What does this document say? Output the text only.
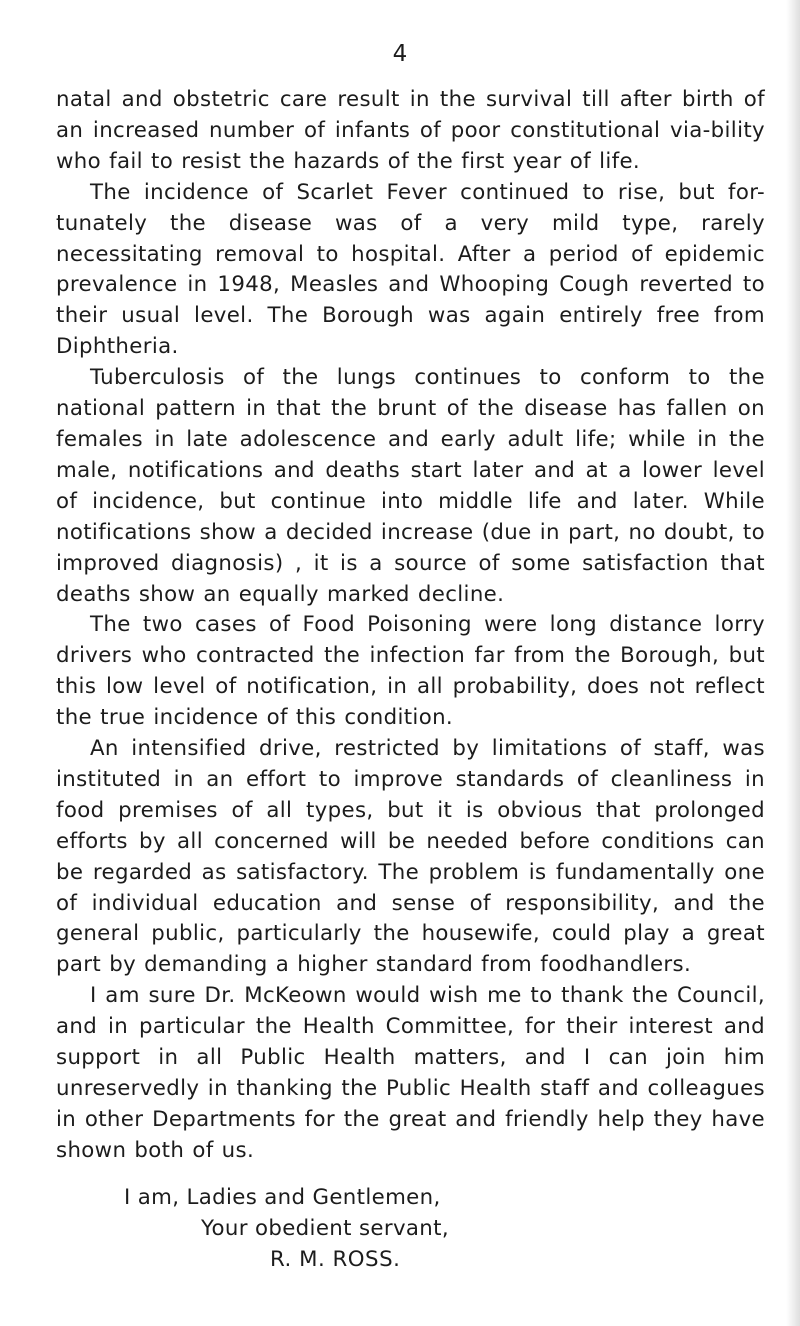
4

natal and obstetric care result in the survival till after birth of an increased number of infants of poor constitutional via-bility who fail to resist the hazards of the first year of life.

The incidence of Scarlet Fever continued to rise, but for-tunately the disease was of a very mild type, rarely necessitating removal to hospital. After a period of epidemic prevalence in 1948, Measles and Whooping Cough reverted to their usual level. The Borough was again entirely free from Diphtheria.

Tuberculosis of the lungs continues to conform to the national pattern in that the brunt of the disease has fallen on females in late adolescence and early adult life; while in the male, notifications and deaths start later and at a lower level of incidence, but continue into middle life and later. While notifications show a decided increase (due in part, no doubt, to improved diagnosis) , it is a source of some satisfaction that deaths show an equally marked decline.

The two cases of Food Poisoning were long distance lorry drivers who contracted the infection far from the Borough, but this low level of notification, in all probability, does not reflect the true incidence of this condition.

An intensified drive, restricted by limitations of staff, was instituted in an effort to improve standards of cleanliness in food premises of all types, but it is obvious that prolonged efforts by all concerned will be needed before conditions can be regarded as satisfactory. The problem is fundamentally one of individual education and sense of responsibility, and the general public, particularly the housewife, could play a great part by demanding a higher standard from foodhandlers.

I am sure Dr. McKeown would wish me to thank the Council, and in particular the Health Committee, for their interest and support in all Public Health matters, and I can join him unreservedly in thanking the Public Health staff and colleagues in other Departments for the great and friendly help they have shown both of us.

I am, Ladies and Gentlemen,
Your obedient servant,
R. M. ROSS.
